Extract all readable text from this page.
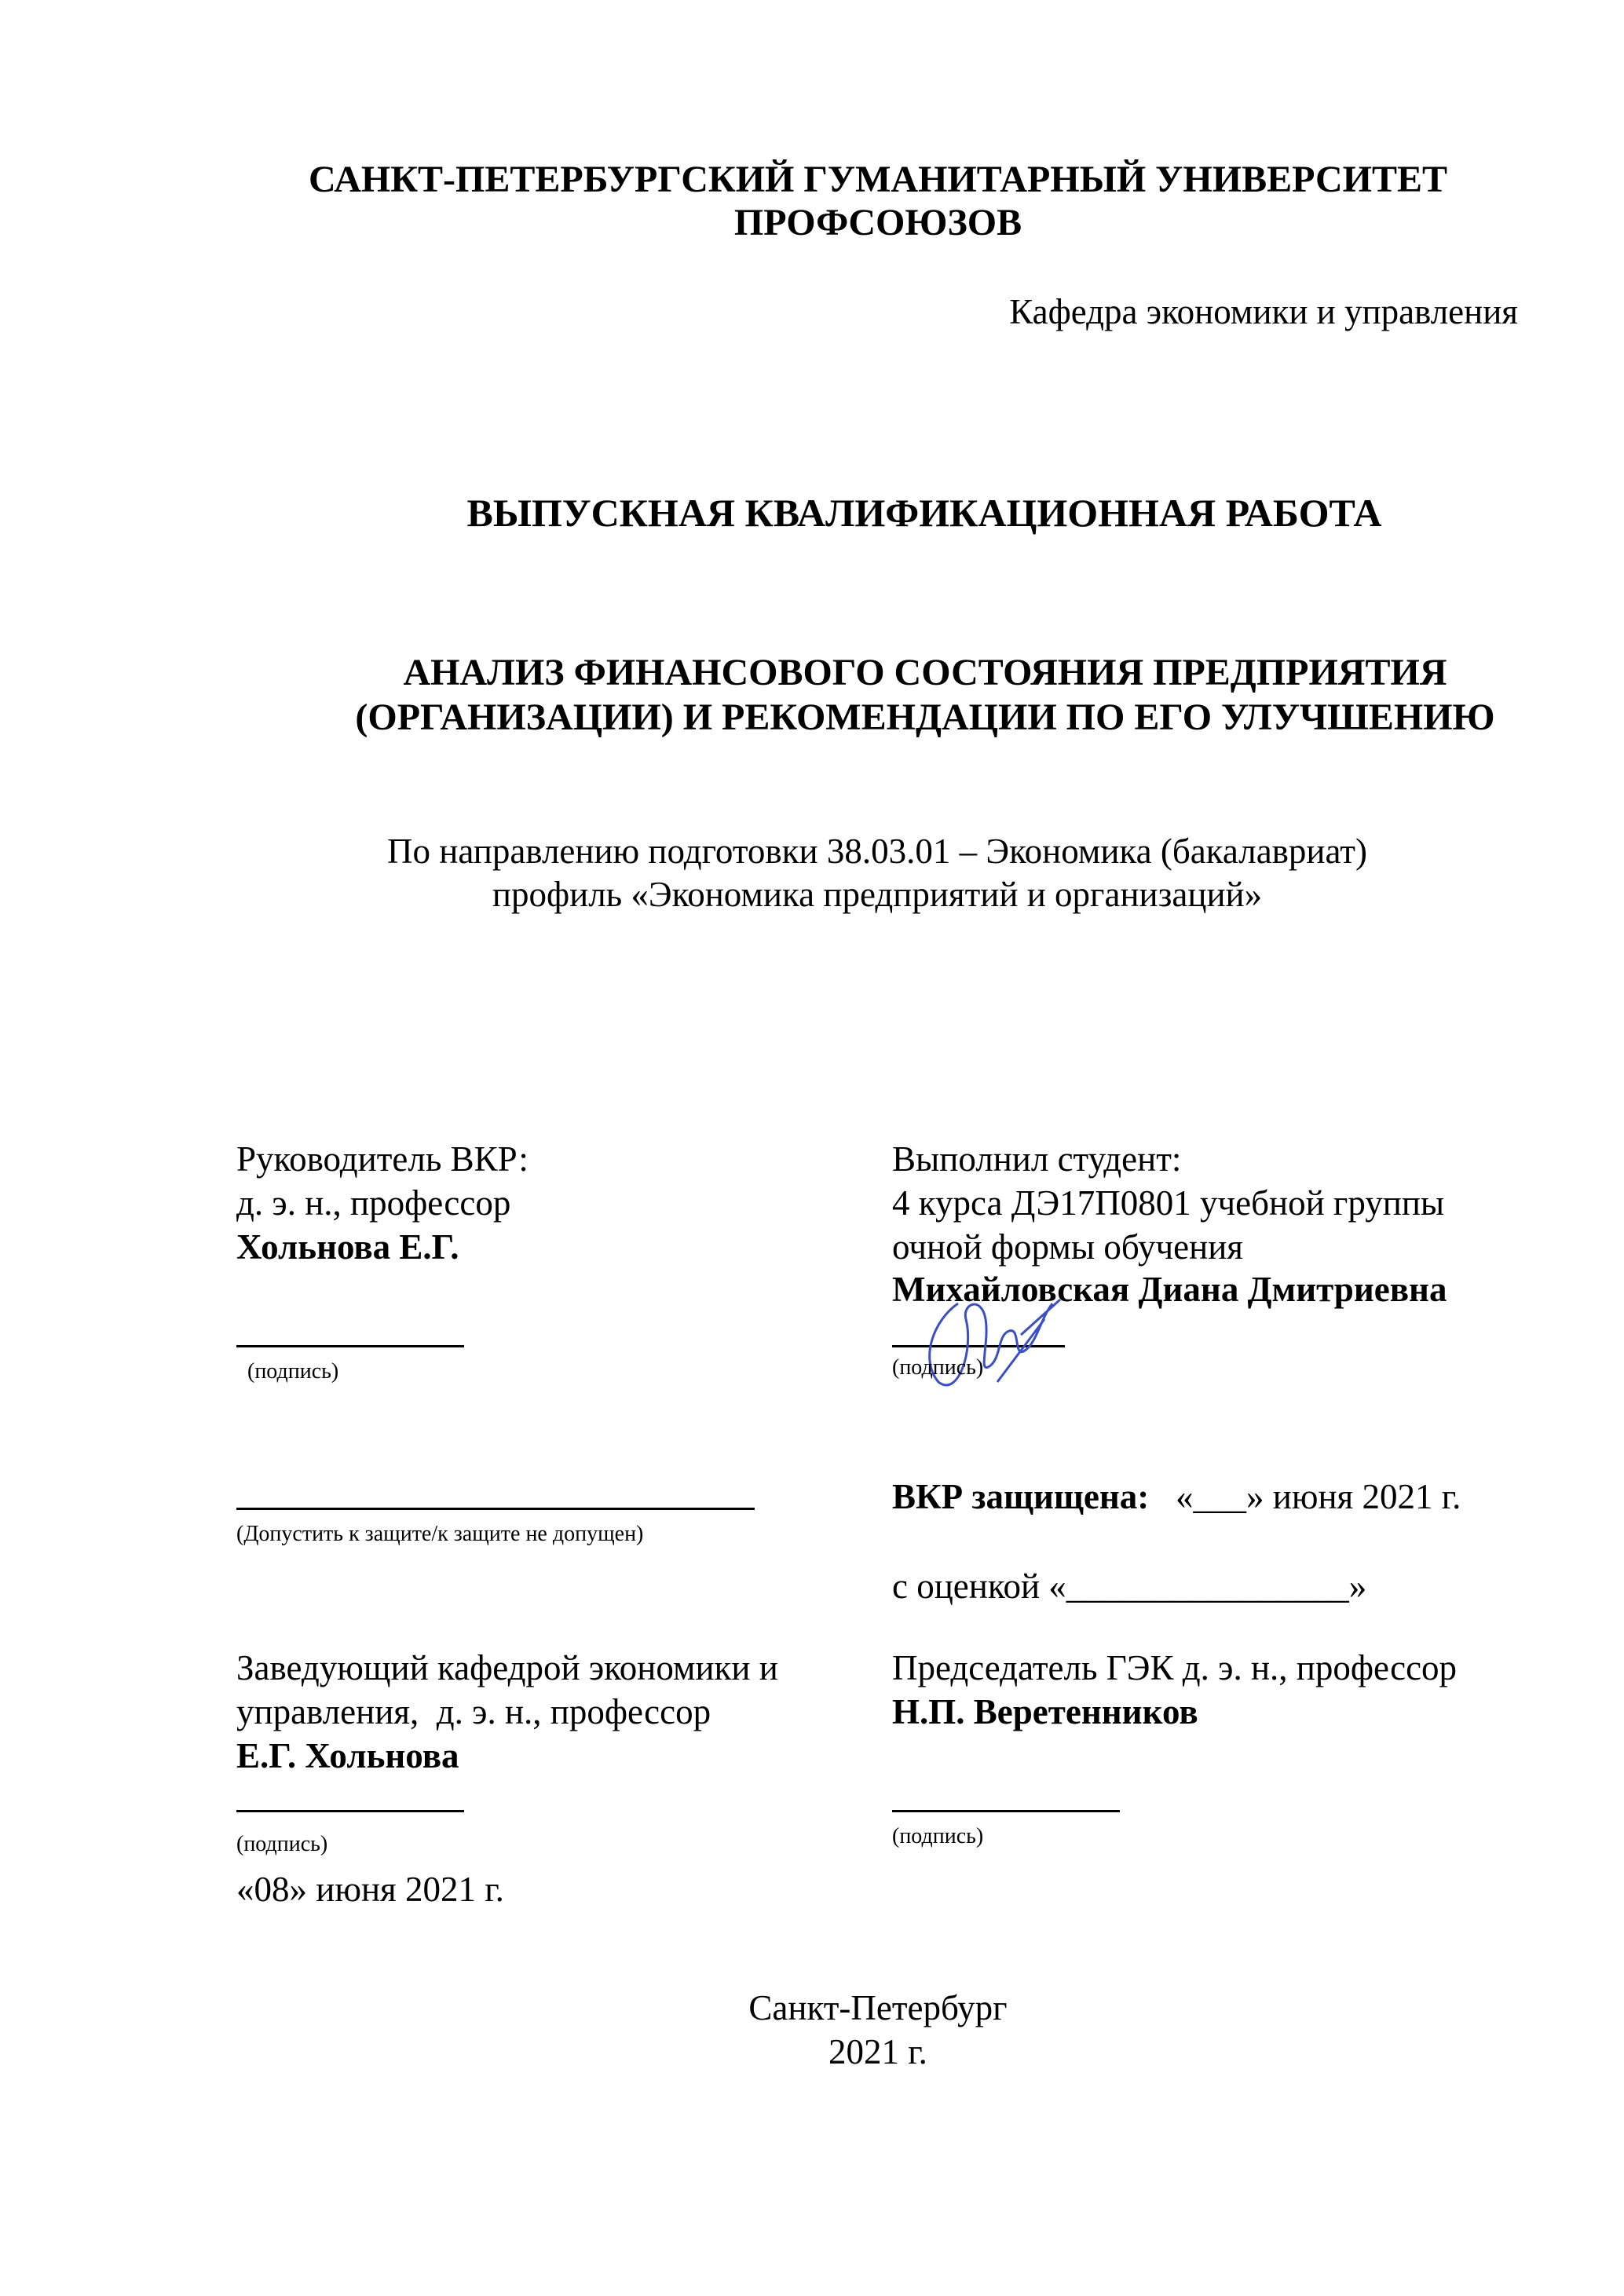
САНКТ-ПЕТЕРБУРГСКИЙ ГУМАНИТАРНЫЙ УНИВЕРСИТЕТ
ПРОФСОЮЗОВ
Кафедра экономики и управления
ВЫПУСКНАЯ КВАЛИФИКАЦИОННАЯ РАБОТА
АНАЛИЗ ФИНАНСОВОГО СОСТОЯНИЯ ПРЕДПРИЯТИЯ
(ОРГАНИЗАЦИИ) И РЕКОМЕНДАЦИИ ПО ЕГО УЛУЧШЕНИЮ
По направлению подготовки 38.03.01 – Экономика (бакалавриат)
профиль «Экономика предприятий и организаций»
Руководитель ВКР:
д. э. н., профессор
Хольнова Е.Г.
(подпись)
Выполнил студент:
4 курса ДЭ17П0801 учебной группы
очной формы обучения
Михайловская Диана Дмитриевна
(подпись)
(Допустить к защите/к защите не допущен)
ВКР защищена: «___» июня 2021 г.
с оценкой «________________»
Заведующий кафедрой экономики и
управления,  д. э. н., профессор
Е.Г. Хольнова
(подпись)
«08» июня 2021 г.
Председатель ГЭК д. э. н., профессор
Н.П. Веретенников
(подпись)
Санкт-Петербург
2021 г.
